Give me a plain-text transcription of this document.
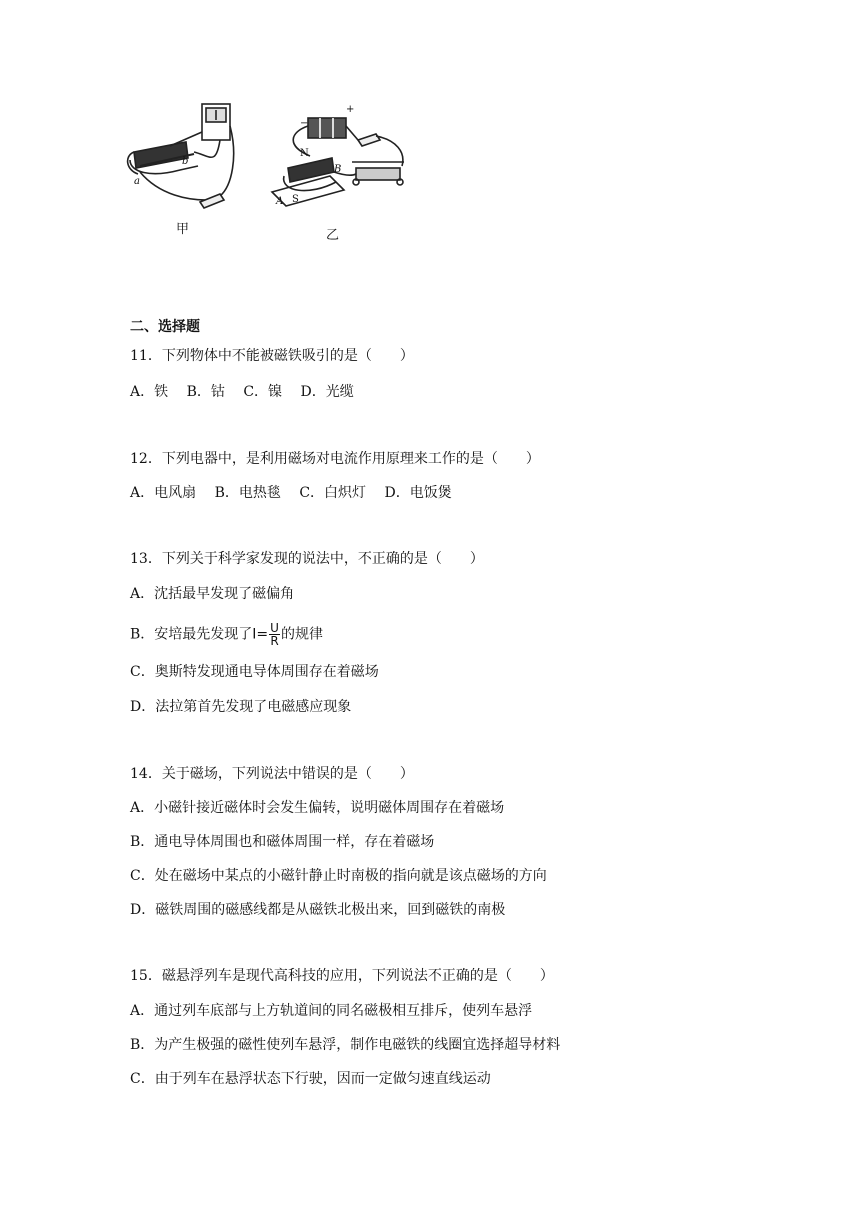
a
b
N
B
A S
+
−
甲	乙
二、选择题
11．下列物体中不能被磁铁吸引的是（　　）
A．铁 B．钴 C．镍 D．光缆
12．下列电器中，是利用磁场对电流作用原理来工作的是（　　）
A．电风扇 B．电热毯 C．白炽灯 D．电饭煲
13．下列关于科学家发现的说法中，不正确的是（　　）
A．沈括最早发现了磁偏角
B．安培最先发现了$I= \frac{U}{R}$ 的规律
C．奥斯特发现通电导体周围存在着磁场
D．法拉第首先发现了电磁感应现象
14．关于磁场，下列说法中错误的是（　　）
A．小磁针接近磁体时会发生偏转，说明磁体周围存在着磁场
B．通电导体周围也和磁体周围一样，存在着磁场
C．处在磁场中某点的小磁针静止时南极的指向就是该点磁场的方向
D．磁铁周围的磁感线都是从磁铁北极出来，回到磁铁的南极
15．磁悬浮列车是现代高科技的应用，下列说法不正确的是（　　）
A．通过列车底部与上方轨道间的同名磁极相互排斥，使列车悬浮
B．为产生极强的磁性使列车悬浮，制作电磁铁的线圈宜选择超导材料
C．由于列车在悬浮状态下行驶，因而一定做匀速直线运动
